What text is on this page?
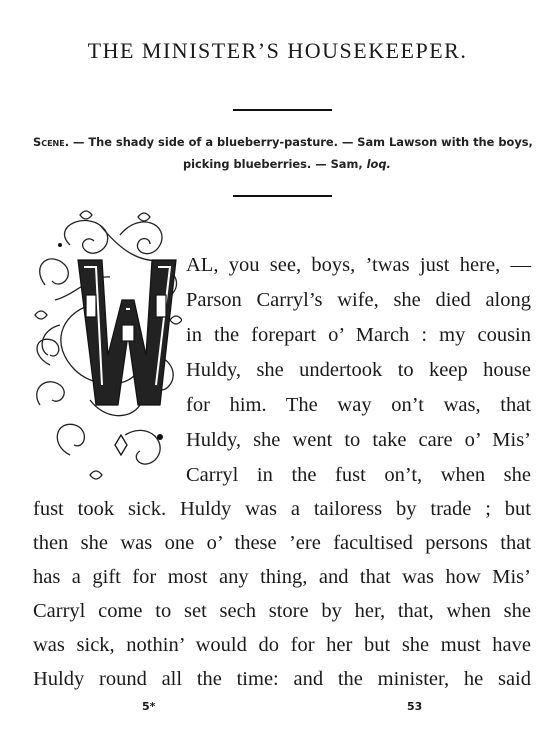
THE MINISTER’S HOUSEKEEPER.
Scene. — The shady side of a blueberry-pasture. — Sam Lawson with the boys,
picking blueberries. — Sam, loq.
AL, you see, boys, ’twas just here, —
Parson Carryl’s wife, she died along
in the forepart o’ March : my cousin
Huldy, she undertook to keep house
for him. The way on’t was, that
Huldy, she went to take care o’ Mis’
Carryl in the fust on’t, when she
fust took sick. Huldy was a tailoress by trade ; but
then she was one o’ these ’ere facultised persons that
has a gift for most any thing, and that was how Mis’
Carryl come to set sech store by her, that, when she
was sick, nothin’ would do for her but she must have
Huldy round all the time: and the minister, he said
5*	53
